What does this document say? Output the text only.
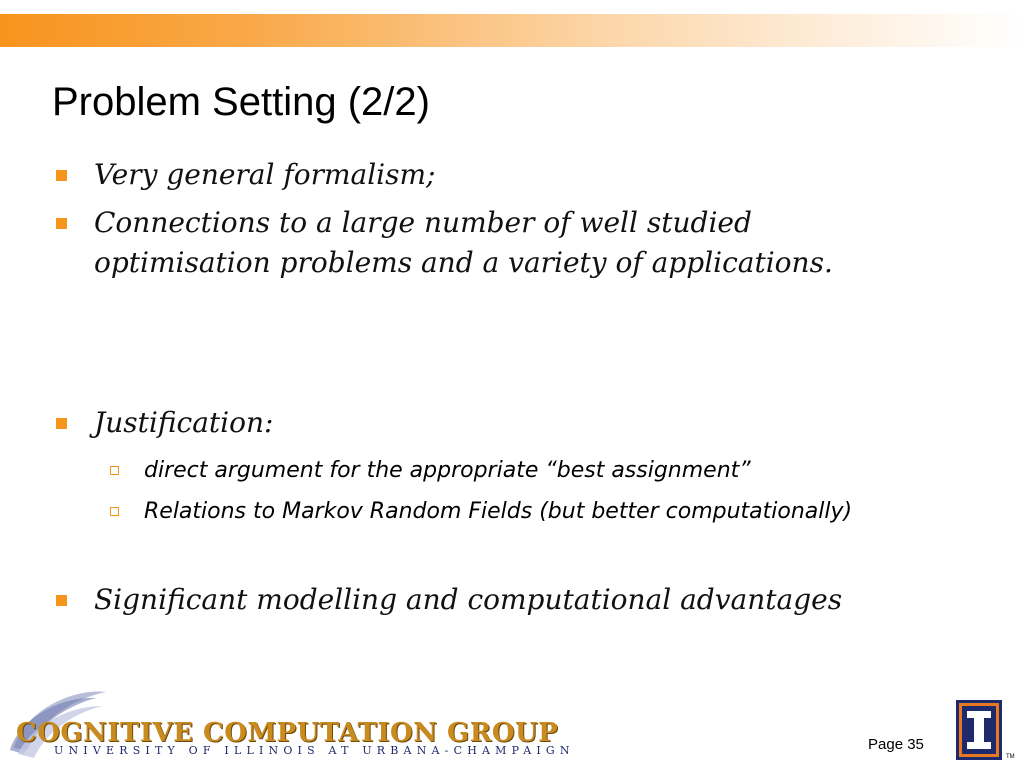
Problem Setting (2/2)
Very general formalism;
Connections to a large number of well studied optimisation problems and a variety of applications.
Justification:
direct argument for the appropriate “best assignment”
Relations to Markov Random Fields (but better computationally)
Significant modelling and computational advantages
COGNITIVE COMPUTATION GROUP
UNIVERSITY OF ILLINOIS AT URBANA-CHAMPAIGN	Page 35
TM
